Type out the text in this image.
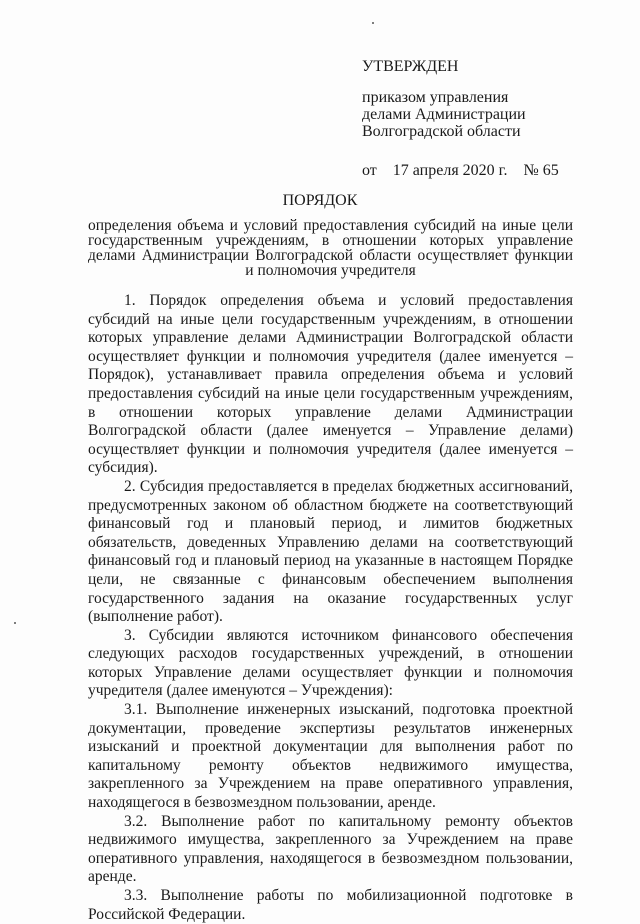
УТВЕРЖДЕН
приказом управления
делами Администрации
Волгоградской области
от    17 апреля 2020 г.    № 65
ПОРЯДОК
определения объема и условий предоставления субсидий на иные цели
государственным учреждениям, в отношении которых управление
делами Администрации Волгоградской области осуществляет функции
и полномочия учредителя

1. Порядок определения объема и условий предоставления субсидий на иные цели государственным учреждениям, в отношении которых управление делами Администрации Волгоградской области осуществляет функции и полномочия учредителя (далее именуется – Порядок), устанавливает правила определения объема и условий предоставления субсидий на иные цели государственным учреждениям, в отношении которых управление делами Администрации Волгоградской области (далее именуется – Управление делами) осуществляет функции и полномочия учредителя (далее именуется – субсидия).

2. Субсидия предоставляется в пределах бюджетных ассигнований, предусмотренных законом об областном бюджете на соответствующий финансовый год и плановый период, и лимитов бюджетных обязательств, доведенных Управлению делами на соответствующий финансовый год и плановый период на указанные в настоящем Порядке цели, не связанные с финансовым обеспечением выполнения государственного задания на оказание государственных услуг (выполнение работ).

3. Субсидии являются источником финансового обеспечения следующих расходов государственных учреждений, в отношении которых Управление делами осуществляет функции и полномочия учредителя (далее именуются – Учреждения):

3.1. Выполнение инженерных изысканий, подготовка проектной документации, проведение экспертизы результатов инженерных изысканий и проектной документации для выполнения работ по капитальному ремонту объектов недвижимого имущества, закрепленного за Учреждением на праве оперативного управления, находящегося в безвозмездном пользовании, аренде.

3.2. Выполнение работ по капитальному ремонту объектов недвижимого имущества, закрепленного за Учреждением на праве оперативного управления, находящегося в безвозмездном пользовании, аренде.

3.3. Выполнение работы по мобилизационной подготовке в Российской Федерации.
